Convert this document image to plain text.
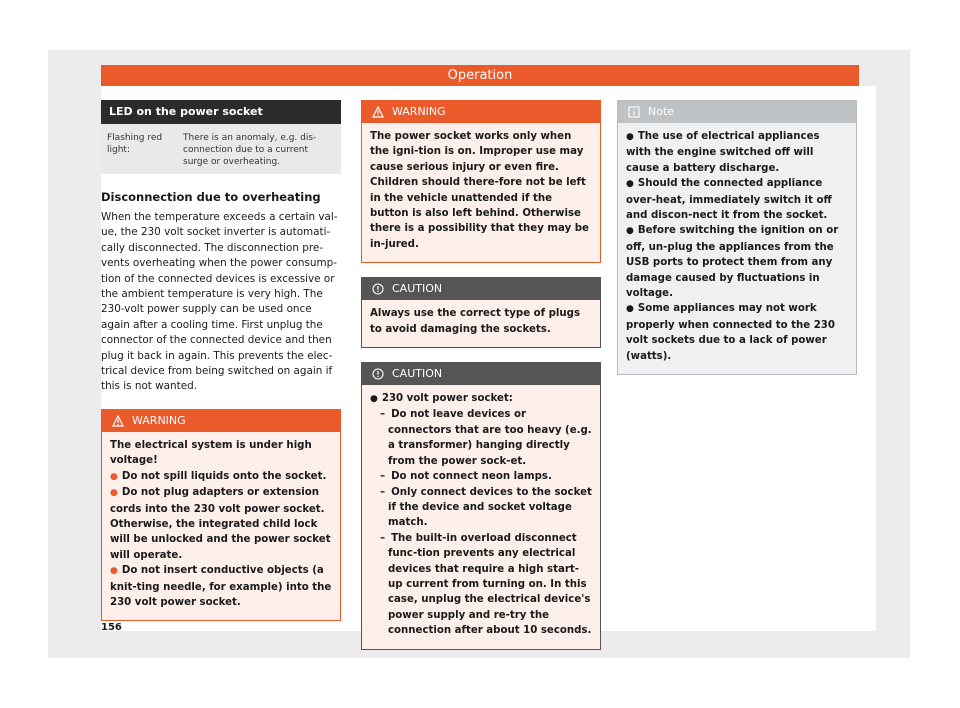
Operation
LED on the power socket
Flashing red light:
There is an anomaly, e.g. dis-connection due to a current surge or overheating.
Disconnection due to overheating

When the temperature exceeds a certain val-ue, the 230 volt socket inverter is automati-cally disconnected. The disconnection pre-vents overheating when the power consump-tion of the connected devices is excessive or the ambient temperature is very high. The 230-volt power supply can be used once again after a cooling time. First unplug the connector of the connected device and then plug it back in again. This prevents the elec-trical device from being switched on again if this is not wanted.

WARNING

The electrical system is under high voltage!

● Do not spill liquids onto the socket.

● Do not plug adapters or extension cords into the 230 volt power socket. Otherwise, the integrated child lock will be unlocked and the power socket will operate.

● Do not insert conductive objects (a knit-ting needle, for example) into the 230 volt power socket.

WARNING

The power socket works only when the igni-tion is on. Improper use may cause serious injury or even fire. Children should there-fore not be left in the vehicle unattended if the button is also left behind. Otherwise there is a possibility that they may be in-jured.

CAUTION

Always use the correct type of plugs to avoid damaging the sockets.

CAUTION

● 230 volt power socket:

– Do not leave devices or connectors that are too heavy (e.g. a transformer) hanging directly from the power sock-et.

– Do not connect neon lamps.

– Only connect devices to the socket if the device and socket voltage match.

– The built-in overload disconnect func-tion prevents any electrical devices that require a high start-up current from turning on. In this case, unplug the electrical device's power supply and re-try the connection after about 10 seconds.

Note

● The use of electrical appliances with the engine switched off will cause a battery discharge.

● Should the connected appliance over-heat, immediately switch it off and discon-nect it from the socket.

● Before switching the ignition on or off, un-plug the appliances from the USB ports to protect them from any damage caused by fluctuations in voltage.

● Some appliances may not work properly when connected to the 230 volt sockets due to a lack of power (watts).

156
